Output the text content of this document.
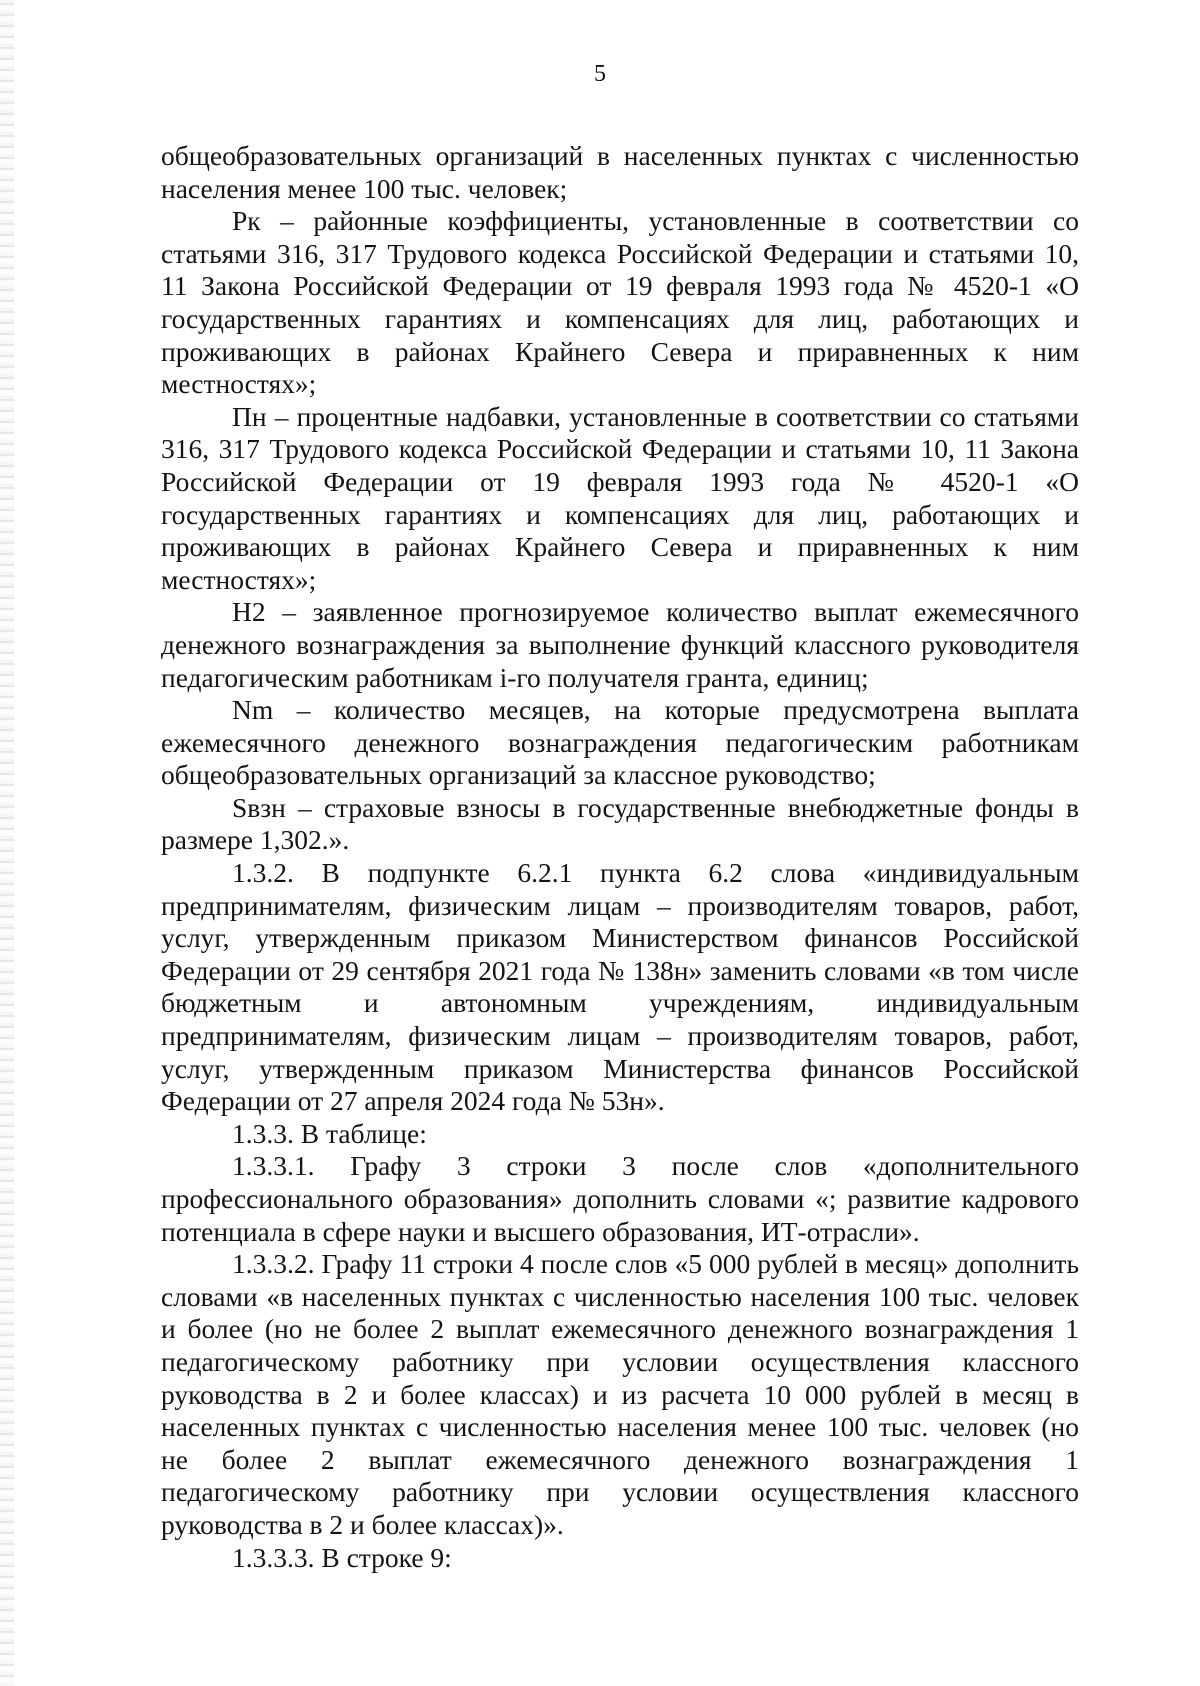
5

общеобразовательных организаций в населенных пунктах с численностью населения менее 100 тыс. человек;

Рк – районные коэффициенты, установленные в соответствии со статьями 316, 317 Трудового кодекса Российской Федерации и статьями 10, 11 Закона Российской Федерации от 19 февраля 1993 года № 4520-1 «О государственных гарантиях и компенсациях для лиц, работающих и проживающих в районах Крайнего Севера и приравненных к ним местностях»;

Пн – процентные надбавки, установленные в соответствии со статьями 316, 317 Трудового кодекса Российской Федерации и статьями 10, 11 Закона Российской Федерации от 19 февраля 1993 года № 4520-1 «О государственных гарантиях и компенсациях для лиц, работающих и проживающих в районах Крайнего Севера и приравненных к ним местностях»;

Н2 – заявленное прогнозируемое количество выплат ежемесячного денежного вознаграждения за выполнение функций классного руководителя педагогическим работникам i-го получателя гранта, единиц;

Nm – количество месяцев, на которые предусмотрена выплата ежемесячного денежного вознаграждения педагогическим работникам общеобразовательных организаций за классное руководство;

Sвзн – страховые взносы в государственные внебюджетные фонды в размере 1,302.».

1.3.2. В подпункте 6.2.1 пункта 6.2 слова «индивидуальным предпринимателям, физическим лицам – производителям товаров, работ, услуг, утвержденным приказом Министерством финансов Российской Федерации от 29 сентября 2021 года № 138н» заменить словами «в том числе бюджетным и автономным учреждениям, индивидуальным предпринимателям, физическим лицам – производителям товаров, работ, услуг, утвержденным приказом Министерства финансов Российской Федерации от 27 апреля 2024 года № 53н».

1.3.3. В таблице:

1.3.3.1. Графу 3 строки 3 после слов «дополнительного профессионального образования» дополнить словами «; развитие кадрового потенциала в сфере науки и высшего образования, ИТ-отрасли».

1.3.3.2. Графу 11 строки 4 после слов «5 000 рублей в месяц» дополнить словами «в населенных пунктах с численностью населения 100 тыс. человек и более (но не более 2 выплат ежемесячного денежного вознаграждения 1 педагогическому работнику при условии осуществления классного руководства в 2 и более классах) и из расчета 10 000 рублей в месяц в населенных пунктах с численностью населения менее 100 тыс. человек (но не более 2 выплат ежемесячного денежного вознаграждения 1 педагогическому работнику при условии осуществления классного руководства в 2 и более классах)».

1.3.3.3. В строке 9:
